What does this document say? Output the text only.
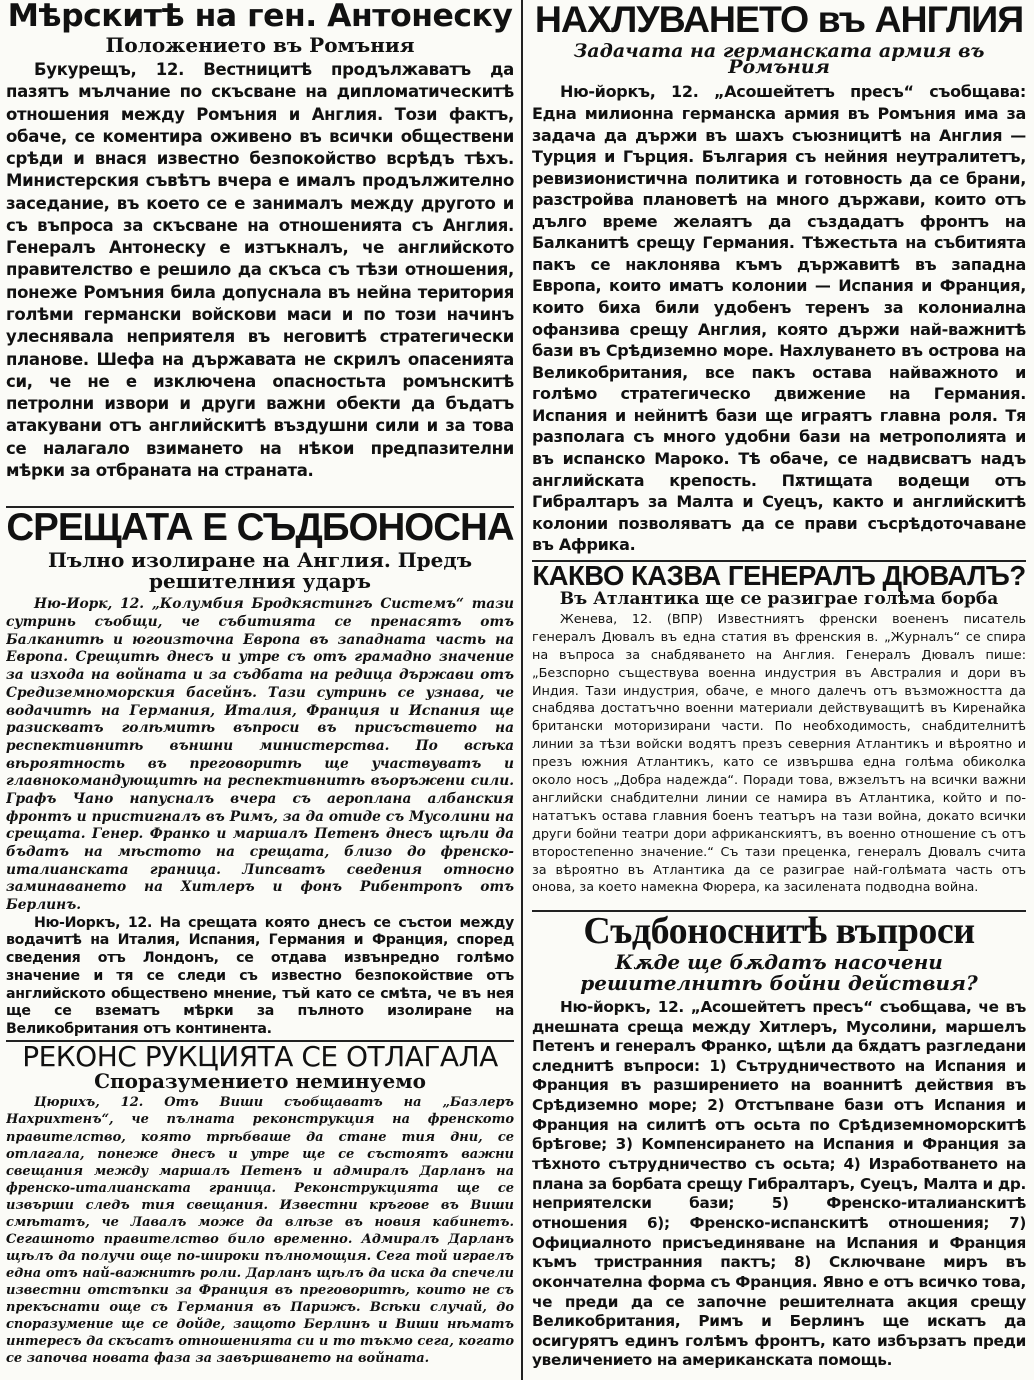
Мѣрскитѣ на ген. Антонеску
Положението въ Ромъния

Букурещъ, 12. Вестницитѣ продължаватъ да пазятъ мълчание по скъсване на дипломатическитѣ отношения между Ромъния и Англия. Този фактъ, обаче, се коментира оживено въ всички обществени срѣди и внася известно безпокойство всрѣдъ тѣхъ. Министерския съвѣтъ вчера е ималъ продължително заседание, въ което се е занималъ между другото и съ въпроса за скъсване на отношенията съ Англия. Генералъ Антонеску е изтъкналъ, че английското правителство е решило да скъса съ тѣзи отношения, понеже Ромъния била допуснала въ нейна територия голѣми германски войскови маси и по този начинъ улеснявала неприятеля въ неговитѣ стратегически планове. Шефа на държавата не скрилъ опасенията си, че не е изключена опасностьта ромънскитѣ петролни извори и други важни обекти да бъдатъ атакувани отъ английскитѣ въздушни сили и за това се налагало взимането на нѣкои предпазителни мѣрки за отбраната на страната.

СРЕЩАТА Е СЪДБОНОСНА
Пълно изолиране на Англия. Предъ решителния ударъ

Ню-Иорк, 12. „Колумбия Бродкястингъ Системъ“ тази сутринь съобщи, че събитията се пренасятъ отъ Балканитѣ и югоизточна Европа въ западната часть на Европа. Срещитѣ днесъ и утре съ отъ грамадно значение за изхода на войната и за съдбата на редица държави отъ Средиземноморския басейнъ. Тази сутринь се узнава, че водачитѣ на Германия, Италия, Франция и Испания ще разискватъ голѣмитѣ въпроси въ присъствието на респективнитѣ външни министерства. По всѣка вѣроятность въ преговоритѣ ще участвуватъ и главнокомандующитѣ на респективнитѣ въоръжени сили. Графъ Чано напусналъ вчера съ аероплана албанския фронтъ и пристигналъ въ Римъ, за да отиде съ Мусолини на срещата. Генер. Франко и маршалъ Петенъ днесъ щѣли да бъдатъ на мѣстото на срещата, близо до френско-италианската граница. Липсватъ сведения относно заминаването на Хитлеръ и фонъ Рибентропъ отъ Берлинъ.

Ню-Иоркъ, 12. На срещата която днесъ се състои между водачитѣ на Италия, Испания, Германия и Франция, според сведения отъ Лондонъ, се отдава извънредно голѣмо значение и тя се следи съ известно безпокойствие отъ английското обществено мнение, тъй като се смѣта, че въ нея ще се взематъ мѣрки за пълното изолиране на Великобритания отъ континента.

РЕКОНС РУКЦИЯТА СЕ ОТЛАГАЛА
Споразумението неминуемо

Цюрихъ, 12. Отъ Виши съобщаватъ на „Базлеръ Нахрихтенъ“, че пълната реконструкция на френското правителство, която трѣбваше да стане тия дни, се отлагала, понеже днесъ и утре ще се състоятъ важни свещания между маршалъ Петенъ и адмиралъ Дарланъ на френско-италианската граница. Реконструкцията ще се извърши следъ тия свещания. Известни кръгове въ Виши смѣтатъ, че Лавалъ може да влѣзе въ новия кабинетъ. Сегашното правителство било временно. Адмиралъ Дарланъ щѣлъ да получи още по-широки пълномощия. Сега той играелъ една отъ най-важнитѣ роли. Дарланъ щѣлъ да иска да спечели известни отстъпки за Франция въ преговоритѣ, които не съ прекъснати още съ Германия въ Парижъ. Всѣки случай, до споразумение ще се дойде, защото Берлинъ и Виши нѣматъ интересъ да скъсатъ отношенията си и то тъкмо сега, когато се започва новата фаза за завършването на войната.

НАХЛУВАНЕТО въ АНГЛИЯ
Задачата на германската армия въ Ромъния

Ню-йоркъ, 12. „Асошейтетъ пресъ“ съобщава: Една милионна германска армия въ Ромъния има за задача да държи въ шахъ съюзницитѣ на Англия — Турция и Гърция. България съ нейния неутралитетъ, ревизионистична политика и готовность да се брани, разстройва плановетѣ на много държави, които отъ дълго време желаятъ да създадатъ фронтъ на Балканитѣ срещу Германия. Тѣжестьта на събитията пакъ се наклонява къмъ държавитѣ въ западна Европа, които иматъ колонии — Испания и Франция, които биха били удобенъ теренъ за колониална офанзива срещу Англия, която държи най-важнитѣ бази въ Срѣдиземно море. Нахлуването въ острова на Великобритания, все пакъ остава найважното и голѣмо стратегическо движение на Германия. Испания и нейнитѣ бази ще играятъ главна роля. Тя разполага съ много удобни бази на метрополията и въ испанско Мароко. Тѣ обаче, се надвисватъ надъ английската крепость. Пѫтищата водещи отъ Гибралтаръ за Малта и Суецъ, както и английскитѣ колонии позволяватъ да се прави съсрѣдоточаване въ Африка.

КАКВО КАЗВА ГЕНЕРАЛЪ ДЮВАЛЪ?
Въ Атлантика ще се разиграе голѣма борба

Женева, 12. (ВПР) Известниятъ френски воененъ писатель генералъ Дювалъ въ една статия въ френския в. „Журналъ“ се спира на въпроса за снабдяването на Англия. Генералъ Дювалъ пише: „Безспорно съществува военна индустрия въ Австралия и дори въ Индия. Тази индустрия, обаче, е много далечъ отъ възможността да снабдява достатъчно военни материали действуващитѣ въ Киренайка британски моторизирани части. По необходимость, снабдителнитѣ линии за тѣзи войски водятъ презъ северния Атлантикъ и вѣроятно и презъ южния Атлантикъ, като се извършва една голѣма обиколка около носъ „Добра надежда“. Поради това, вжзелътъ на всички важни английски снабдителни линии се намира въ Атлантика, който и по-нататъкъ остава главния боенъ театъръ на тази война, докато всички други бойни театри дори африканскиятъ, въ военно отношение съ отъ второстепенно значение.“ Съ тази преценка, генералъ Дювалъ счита за вѣроятно въ Атлантика да се разиграе най-голѣмата часть отъ онова, за което намекна Фюрера, ка засилената подводна война.

Съдбоноснитѣ въпроси
Кѫде ще бѫдатъ насочени решителнитѣ бойни действия?

Ню-йоркъ, 12. „Асошейтетъ пресъ“ съобщава, че въ днешната среща между Хитлеръ, Мусолини, маршелъ Петенъ и генералъ Франко, щѣли да бѫдатъ разгледани следнитѣ въпроси: 1) Сътрудничеството на Испания и Франция въ разширението на воаннитѣ действия въ Срѣдиземно море; 2) Отстъпване бази отъ Испания и Франция на силитѣ отъ осьта по Срѣдиземноморскитѣ брѣгове; 3) Компенсирането на Испания и Франция за тѣхното сътрудничество съ осьта; 4) Изработването на плана за борбата срещу Гибралтаръ, Суецъ, Малта и др. неприятелски бази; 5) Френско-италианскитѣ отношения 6); Френско-испанскитѣ отношения; 7) Официалното присъединяване на Испания и Франция къмъ тристранния пактъ; 8) Сключване миръ въ окончателна форма съ Франция. Явно е отъ всичко това, че преди да се започне решителната акция срещу Великобритания, Римъ и Берлинъ ще искатъ да осигурятъ единъ голѣмъ фронтъ, като избързатъ преди увеличението на американската помощь.
